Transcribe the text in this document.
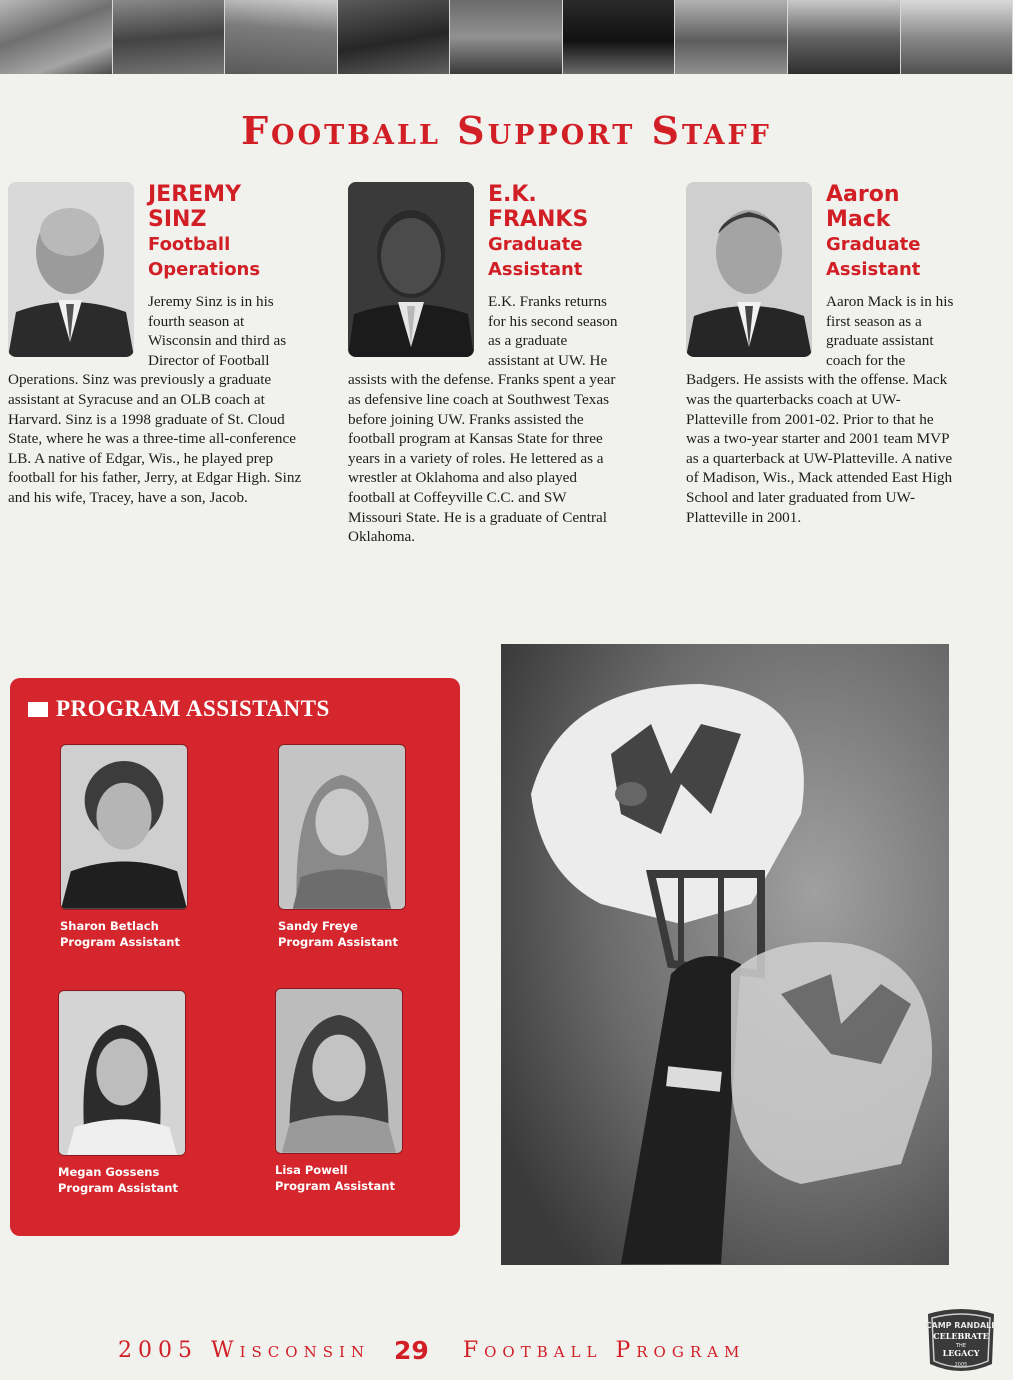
Football Support Staff
JEREMY SINZ
Football Operations
Jeremy Sinz is in his fourth season at Wisconsin and third as Director of Football Operations. Sinz was previously a graduate assistant at Syracuse and an OLB coach at Harvard. Sinz is a 1998 graduate of St. Cloud State, where he was a three-time all-conference LB. A native of Edgar, Wis., he played prep football for his father, Jerry, at Edgar High. Sinz and his wife, Tracey, have a son, Jacob.
E.K. FRANKS
Graduate Assistant
E.K. Franks returns for his second season as a graduate assistant at UW. He assists with the defense. Franks spent a year as defensive line coach at Southwest Texas before joining UW. Franks assisted the football program at Kansas State for three years in a variety of roles. He lettered as a wrestler at Oklahoma and also played football at Coffeyville C.C. and SW Missouri State. He is a graduate of Central Oklahoma.
Aaron Mack
Graduate Assistant
Aaron Mack is in his first season as a graduate assistant coach for the Badgers. He assists with the offense. Mack was the quarterbacks coach at UW-Platteville from 2001-02. Prior to that he was a two-year starter and 2001 team MVP as a quarterback at UW-Platteville. A native of Madison, Wis., Mack attended East High School and later graduated from UW-Platteville in 2001.
PROGRAM ASSISTANTS
Sharon Betlach
Program Assistant
Sandy Freye
Program Assistant
Megan Gossens
Program Assistant
Lisa Powell
Program Assistant
2005 Wisconsin 29 Football Program
CAMP RANDALL
CELEBRATE
THE
LEGACY
2005
